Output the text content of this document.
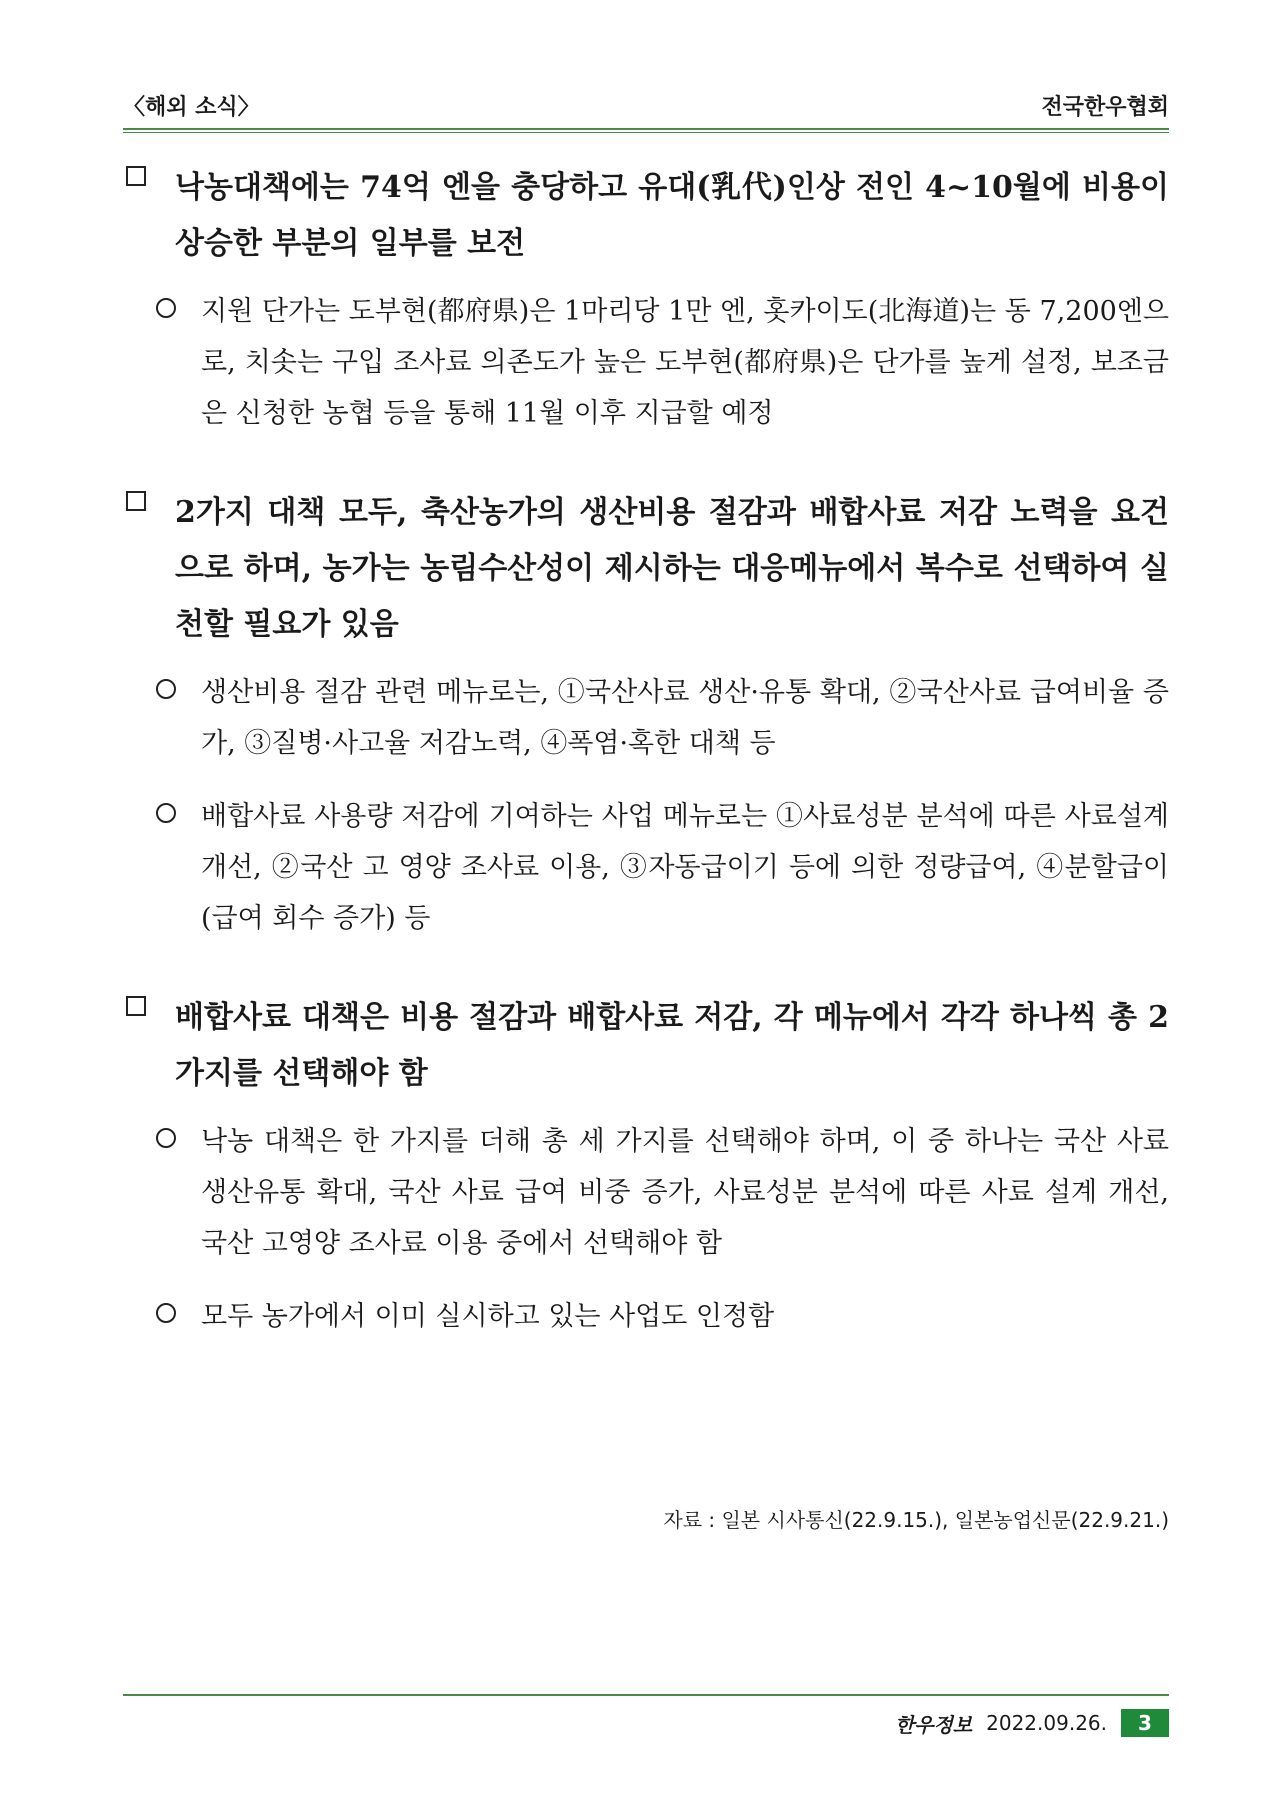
〈해외 소식〉	전국한우협회
낙농대책에는 74억 엔을 충당하고 유대(乳代)인상 전인 4~10월에 비용이 상승한 부분의 일부를 보전
지원 단가는 도부현(都府県)은 1마리당 1만 엔, 홋카이도(北海道)는 동 7,200엔으로, 치솟는 구입 조사료 의존도가 높은 도부현(都府県)은 단가를 높게 설정, 보조금은 신청한 농협 등을 통해 11월 이후 지급할 예정
2가지 대책 모두, 축산농가의 생산비용 절감과 배합사료 저감 노력을 요건으로 하며, 농가는 농림수산성이 제시하는 대응메뉴에서 복수로 선택하여 실천할 필요가 있음
생산비용 절감 관련 메뉴로는, ①국산사료 생산·유통 확대, ②국산사료 급여비율 증가, ③질병·사고율 저감노력, ④폭염·혹한 대책 등
배합사료 사용량 저감에 기여하는 사업 메뉴로는 ①사료성분 분석에 따른 사료설계 개선, ②국산 고 영양 조사료 이용, ③자동급이기 등에 의한 정량급여, ④분할급이(급여 회수 증가) 등
배합사료 대책은 비용 절감과 배합사료 저감, 각 메뉴에서 각각 하나씩 총 2가지를 선택해야 함
낙농 대책은 한 가지를 더해 총 세 가지를 선택해야 하며, 이 중 하나는 국산 사료 생산유통 확대, 국산 사료 급여 비중 증가, 사료성분 분석에 따른 사료 설계 개선, 국산 고영양 조사료 이용 중에서 선택해야 함
모두 농가에서 이미 실시하고 있는 사업도 인정함
자료 : 일본 시사통신(22.9.15.), 일본농업신문(22.9.21.)
한우정보 2022.09.26.	3
